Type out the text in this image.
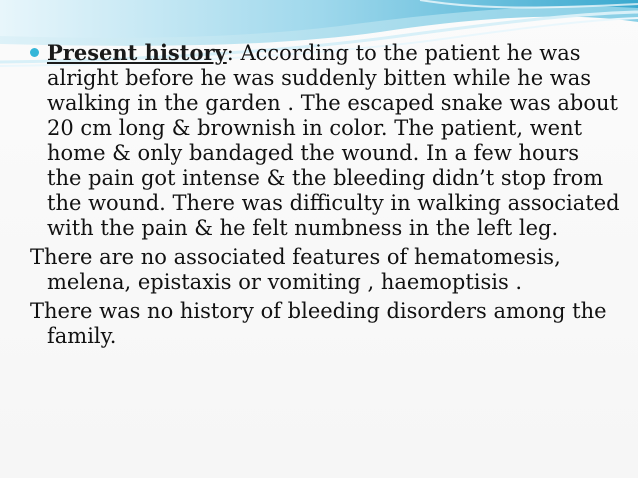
Present history: According to the patient he was alright before he was suddenly bitten while he was walking in the garden . The escaped snake was about 20 cm long & brownish in color. The patient, went home & only bandaged the wound. In a few hours the pain got intense & the bleeding didn’t stop from the wound. There was difficulty in walking associated with the pain & he felt numbness in the left leg.

There are no associated features of hematomesis, melena, epistaxis or vomiting , haemoptisis .

There was no history of bleeding disorders among the family.
